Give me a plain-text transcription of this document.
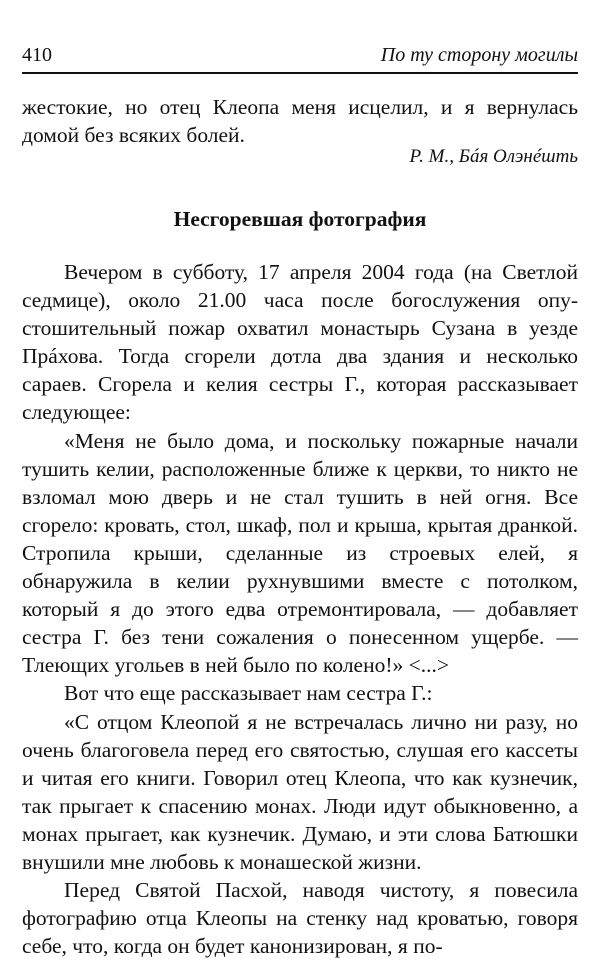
410	По ту сторону могилы

жестокие, но отец Клеопа меня исцелил, и я вернулась домой без всяких болей.

Р. М., Бáя Олэнéшть
Несгоревшая фотография

Вечером в субботу, 17 апреля 2004 года (на Светлой седмице), около 21.00 часа после богослужения опустошительный пожар охватил монастырь Сузана в уезде Прáхова. Тогда сгорели дотла два здания и несколько сараев. Сгорела и келия сестры Г., которая рассказывает следующее:

«Меня не было дома, и поскольку пожарные начали тушить келии, расположенные ближе к церкви, то никто не взломал мою дверь и не стал тушить в ней огня. Все сгорело: кровать, стол, шкаф, пол и крыша, крытая дранкой. Стропила крыши, сделанные из строевых елей, я обнаружила в келии рухнувшими вместе с потолком, который я до этого едва отремонтировала, — добавляет сестра Г. без тени сожаления о понесенном ущербе. — Тлеющих угольев в ней было по колено!» <...>

Вот что еще рассказывает нам сестра Г.:

«С отцом Клеопой я не встречалась лично ни разу, но очень благоговела перед его святостью, слушая его кассеты и читая его книги. Говорил отец Клеопа, что как кузнечик, так прыгает к спасению монах. Люди идут обыкновенно, а монах прыгает, как кузнечик. Думаю, и эти слова Батюшки внушили мне любовь к монашеской жизни.

Перед Святой Пасхой, наводя чистоту, я повесила фотографию отца Клеопы на стенку над кроватью, говоря себе, что, когда он будет канонизирован, я по-
